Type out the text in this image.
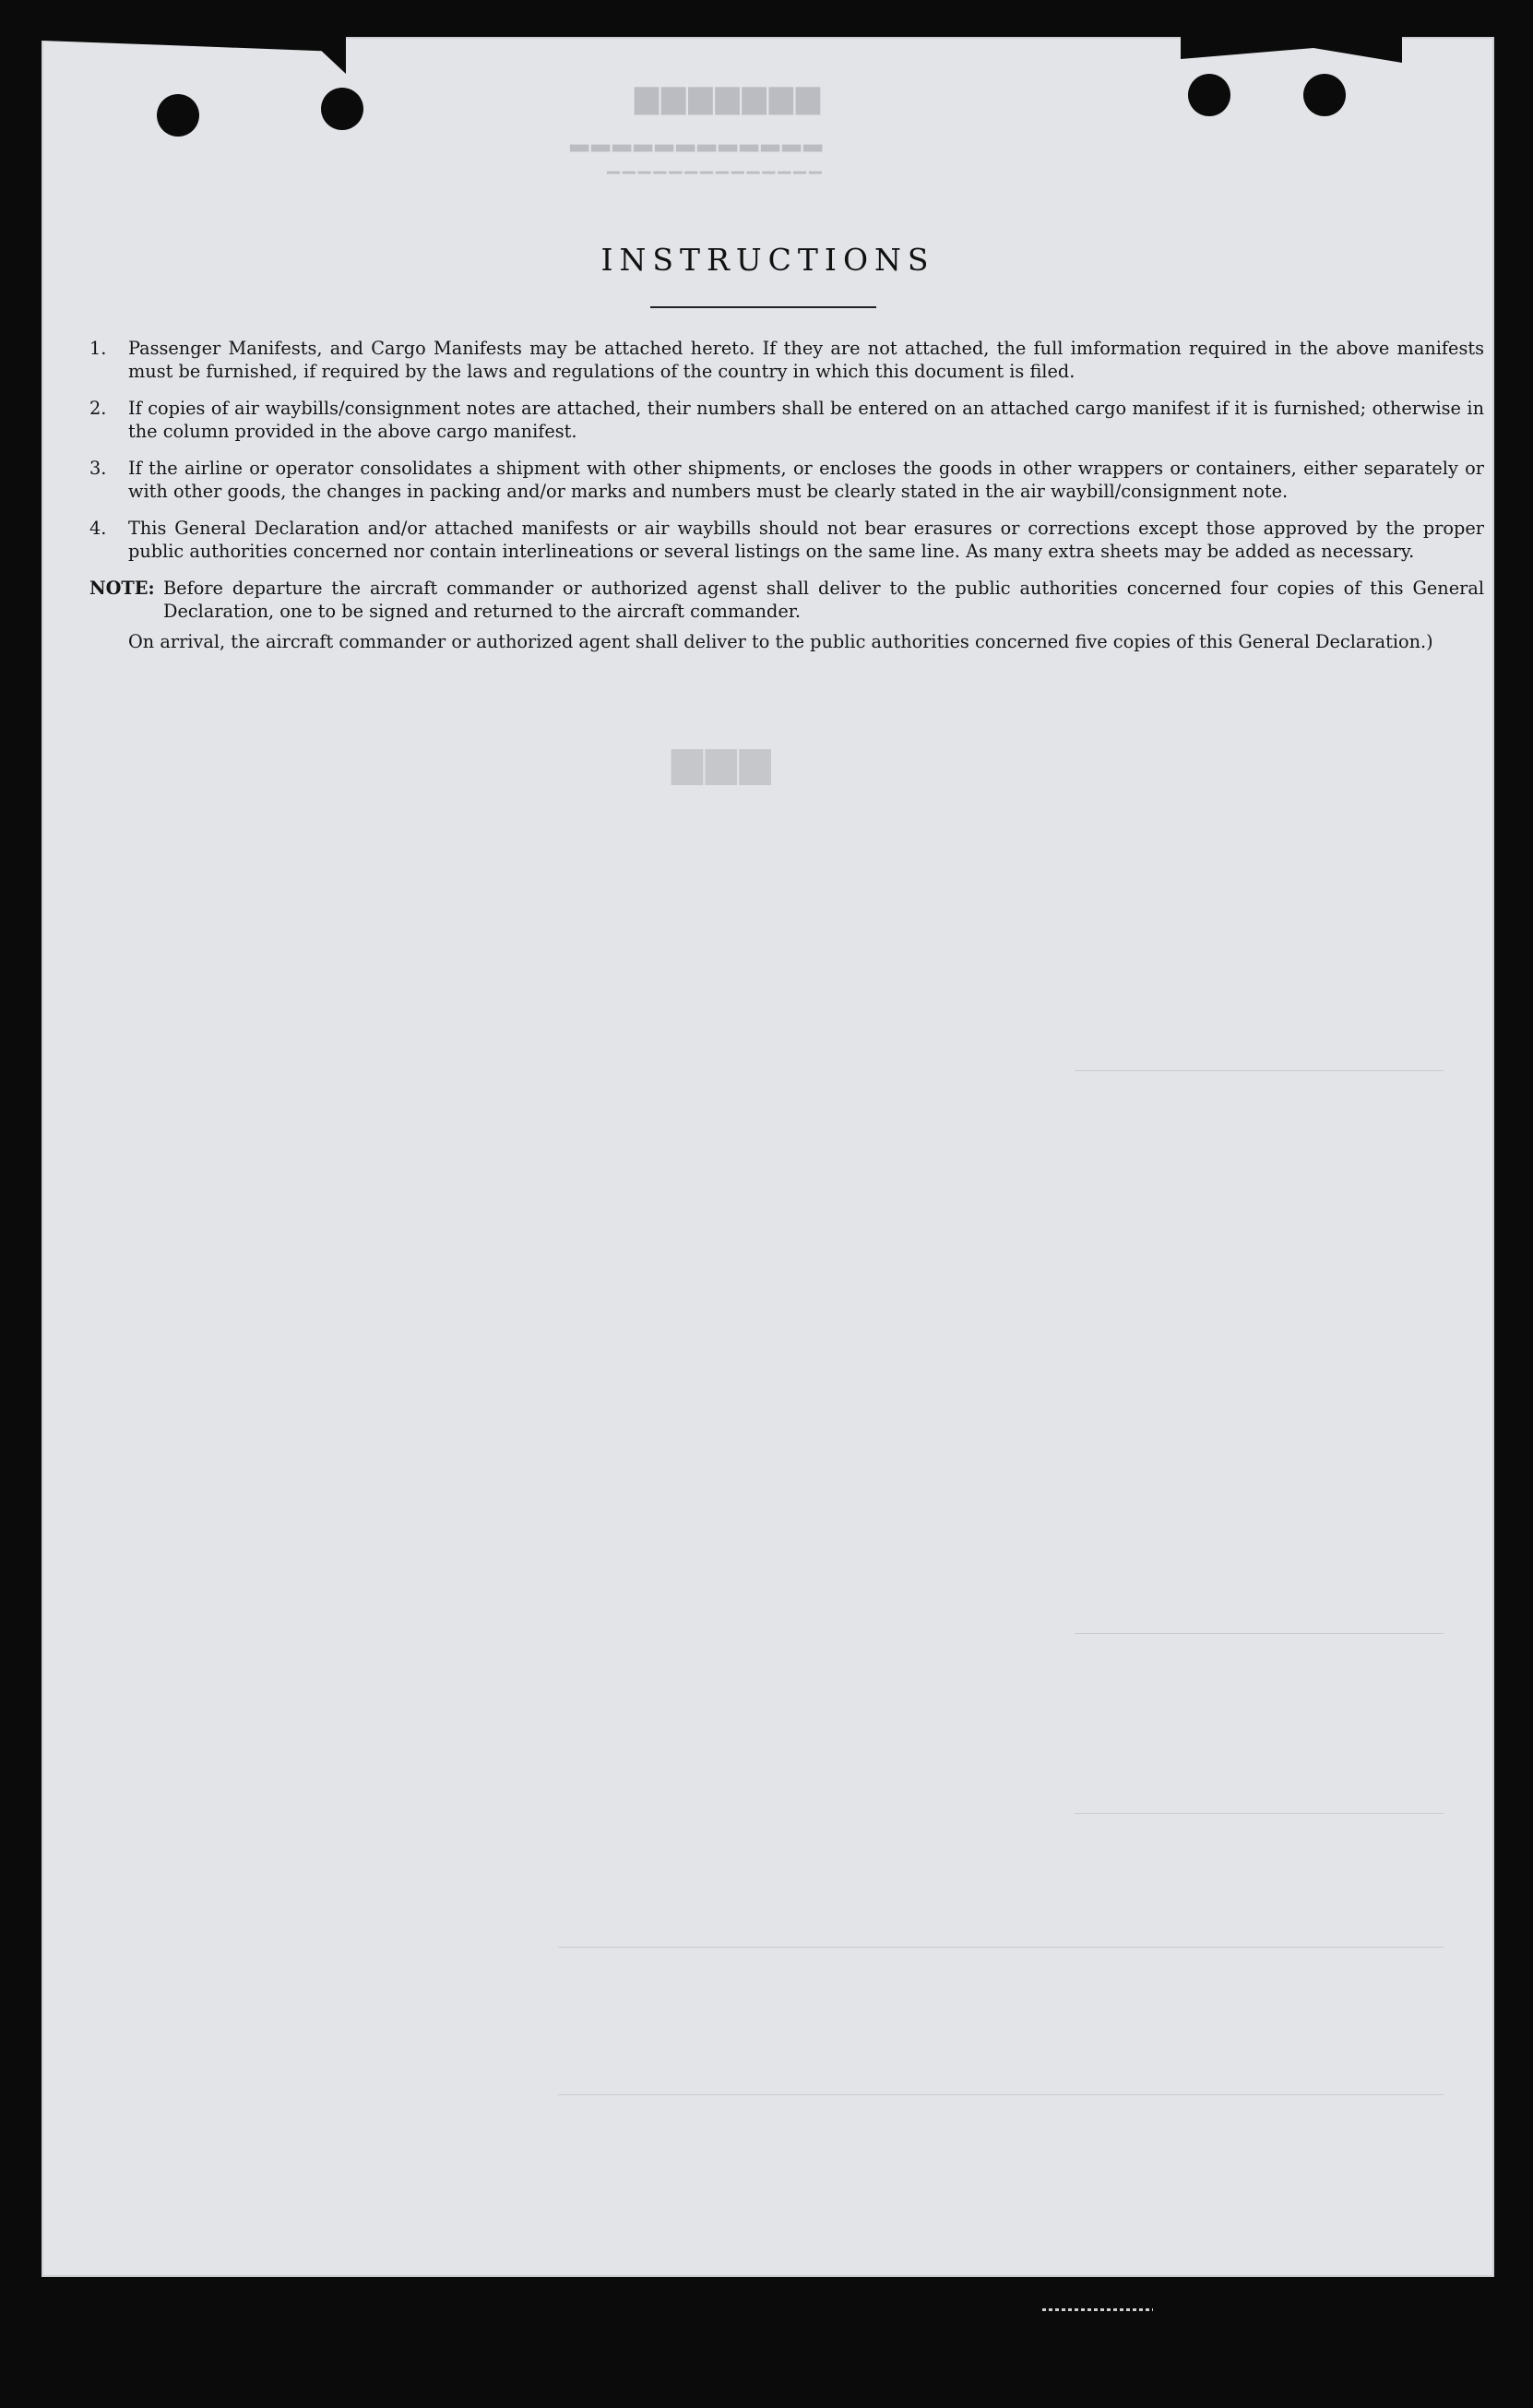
▆▆▆▆▆▆▆
▂▂▂▂▂▂▂▂▂▂▂▂
▁▁▁▁▁▁▁▁▁▁▁▁▁▁
▆▆▆
INSTRUCTIONS
1.	Passenger Manifests, and Cargo Manifests may be attached hereto. If they are not attached, the full imformation required in the above manifests must be furnished, if required by the laws and regulations of the country in which this document is filed.
2.	If copies of air waybills/consignment notes are attached, their numbers shall be entered on an attached cargo manifest if it is furnished; otherwise in the column provided in the above cargo manifest.
3.	If the airline or operator consolidates a shipment with other shipments, or encloses the goods in other wrappers or containers, either separately or with other goods, the changes in packing and/or marks and numbers must be clearly stated in the air waybill/consignment note.
4.	This General Declaration and/or attached manifests or air waybills should not bear erasures or corrections except those approved by the proper public authorities concerned nor contain interlineations or several listings on the same line. As many extra sheets may be added as necessary.
NOTE: Before departure the aircraft commander or authorized agenst shall deliver to the public authorities concerned four copies of this General Declaration, one to be signed and returned to the aircraft commander.
On arrival, the aircraft commander or authorized agent shall deliver to the public authorities concerned five copies of this General Declaration.)
